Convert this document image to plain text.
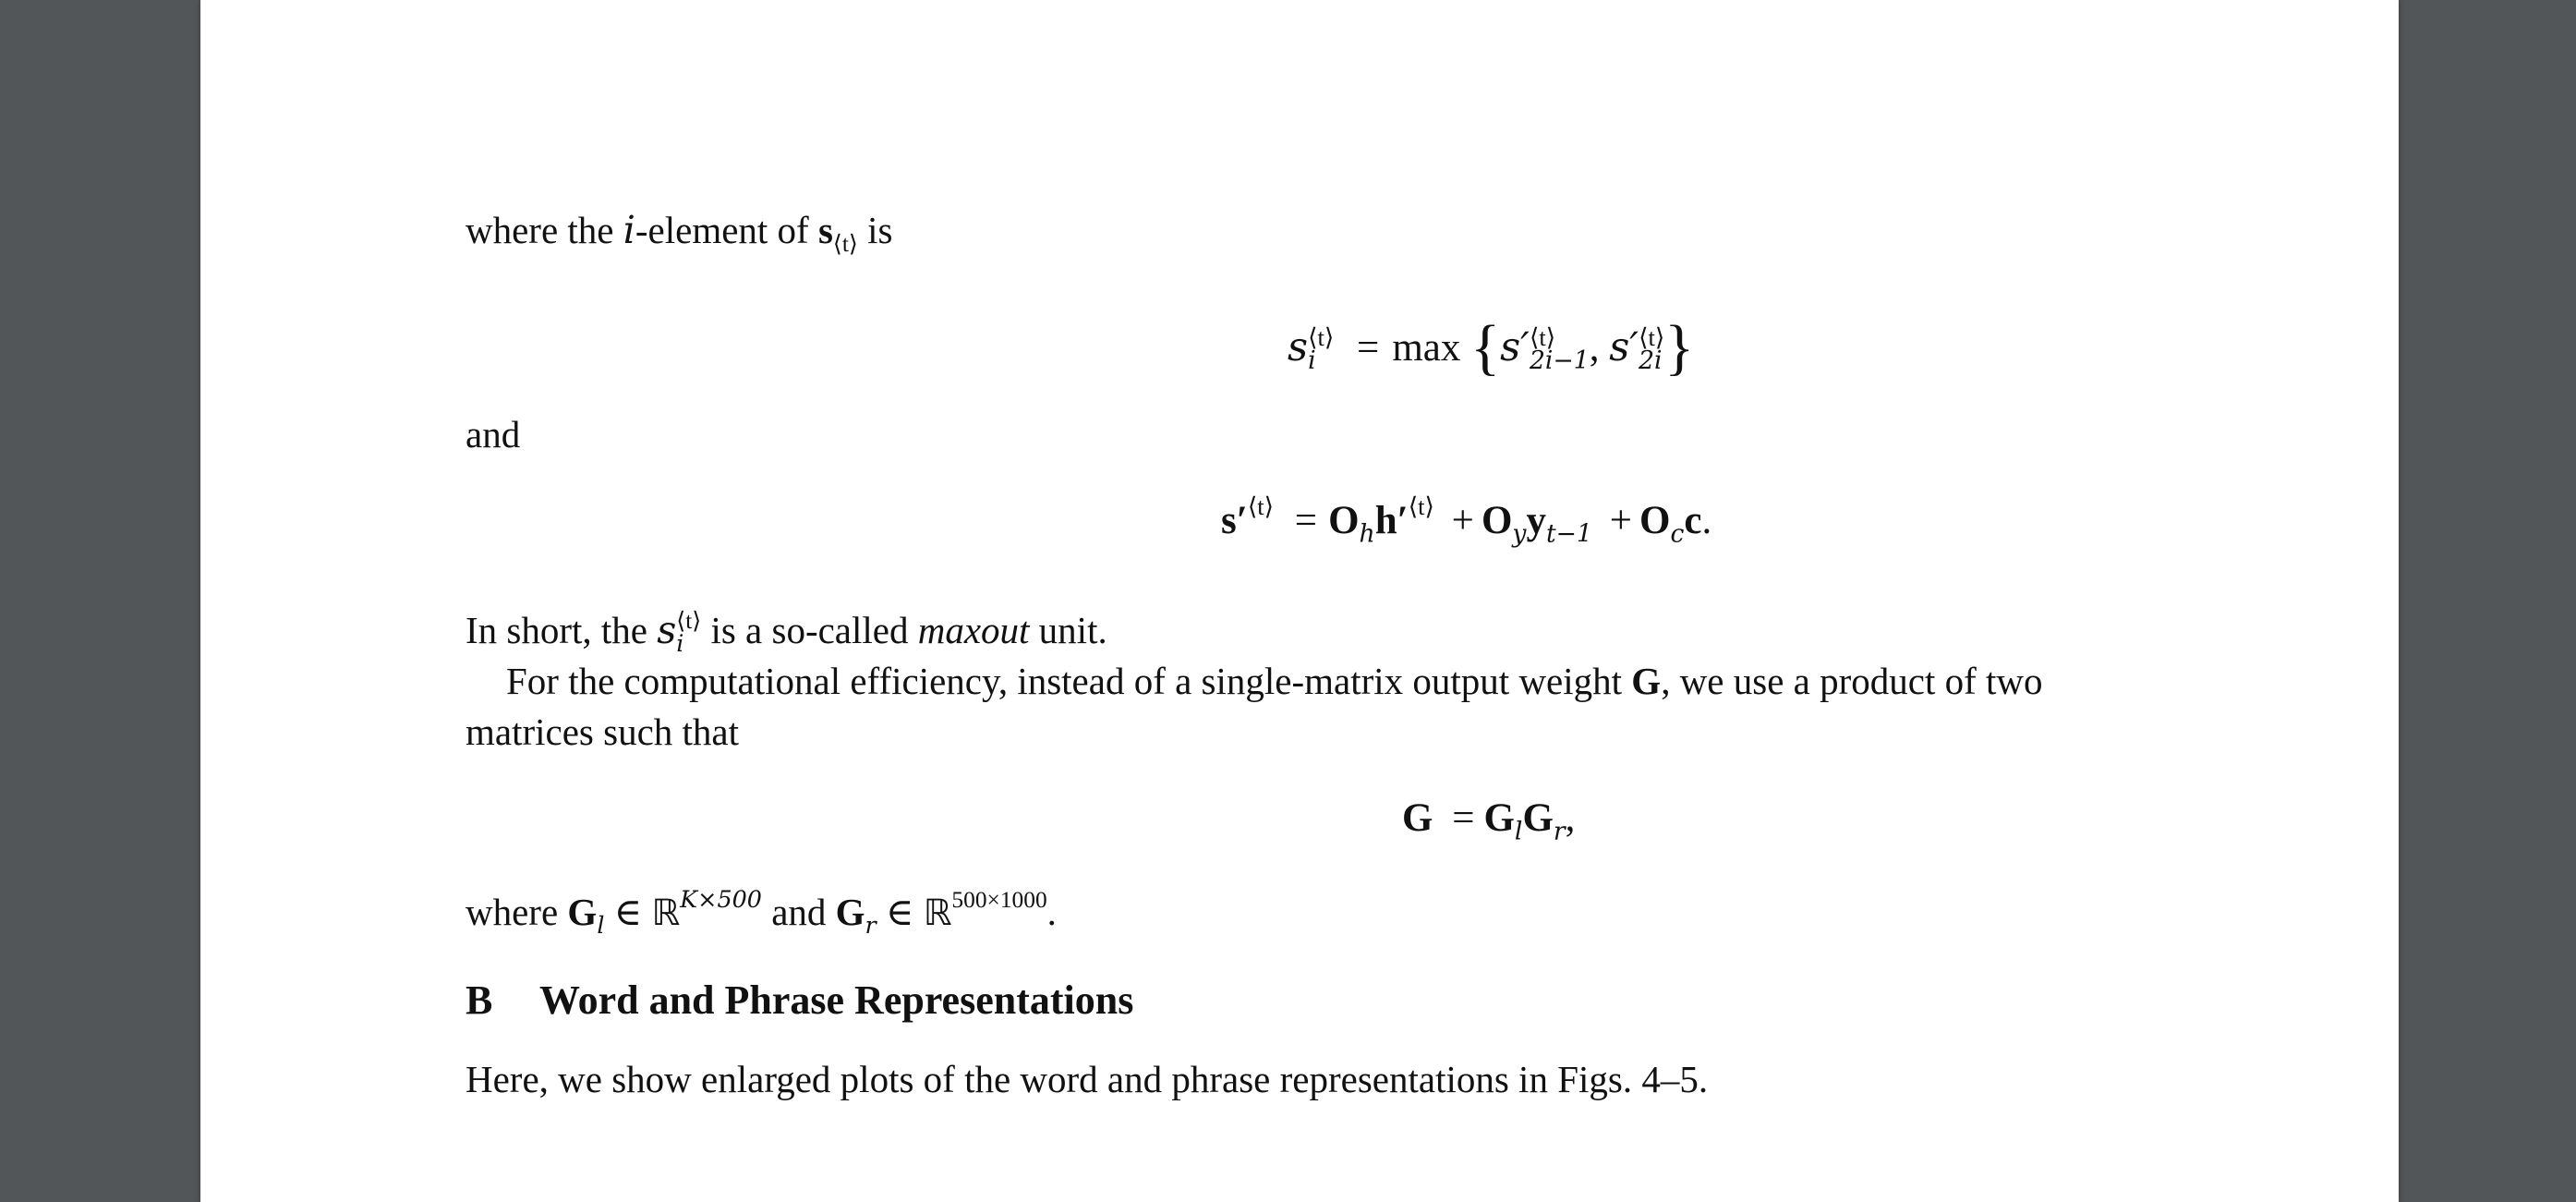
where the i-element of $s_{⟨t⟩}$ is
s ⟨t⟩
i	= max {s′ ⟨t⟩
2i−1 , s′ ⟨t⟩
2i }
and
$s'^{⟨t⟩} = O_hh'^{⟨t⟩} + O_yy_{t-1} + O_cc$.
In short, the s ⟨t⟩
i is a so-called maxout unit.
For the computational efficiency, instead of a single-matrix output weight G, we use a product of two
matrices such that
$G = G_lG_r$,
where $G_l$ ∈ ℝ$^{K\times 500}$ and $G_r$ ∈ ℝ$^{500\times 1000}$.
B Word and Phrase Representations
Here, we show enlarged plots of the word and phrase representations in Figs. 4–5.
